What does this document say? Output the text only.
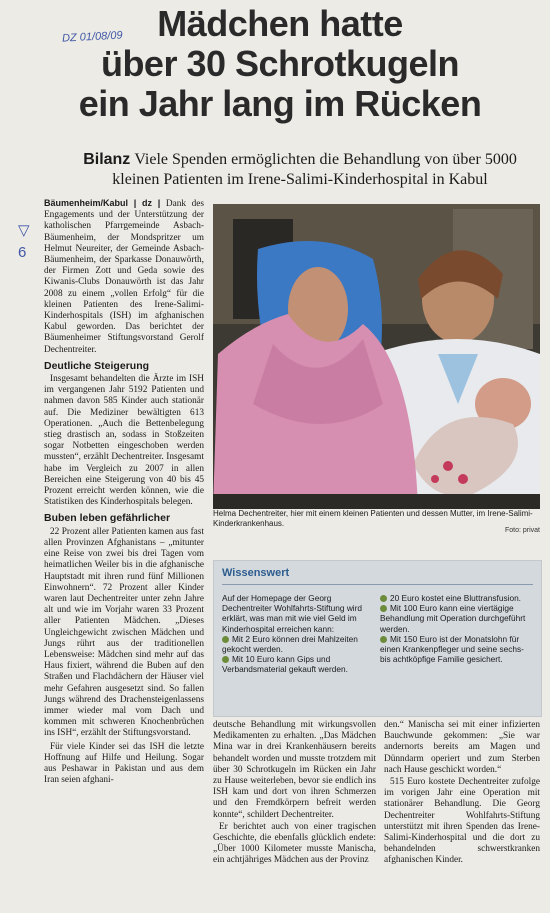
DZ 01/08/09 Mädchen hatte
über 30 Schrotkugeln
ein Jahr lang im Rücken
Bilanz Viele Spenden ermöglichten die Behandlung von über 5000 kleinen Patienten im Irene-Salimi-Kinderhospital in Kabul
▽
6

Bäumenheim/Kabul | dz | Dank des Engagements und der Unterstützung der katholischen Pfarrgemeinde Asbach-Bäumenheim, der Mondspritzer um Helmut Neureiter, der Gemeinde Asbach-Bäumenheim, der Sparkasse Donauwörth, der Firmen Zott und Geda sowie des Kiwanis-Clubs Donauwörth ist das Jahr 2008 zu einem „vollen Erfolg“ für die kleinen Patienten des Irene-Salimi-Kinderhospitals (ISH) im afghanischen Kabul geworden. Das berichtet der Bäumenheimer Stiftungsvorstand Gerolf Dechentreiter.

Deutliche Steigerung

Insgesamt behandelten die Ärzte im ISH im vergangenen Jahr 5192 Patienten und nahmen davon 585 Kinder auch stationär auf. Die Mediziner bewältigten 613 Operationen. „Auch die Bettenbelegung stieg drastisch an, sodass in Stoßzeiten sogar Notbetten eingeschoben werden mussten“, erzählt Dechentreiter. Insgesamt habe im Vergleich zu 2007 in allen Bereichen eine Steigerung von 40 bis 45 Prozent erreicht werden können, wie die Statistiken des Kinderhospitals belegen.

Buben leben gefährlicher

22 Prozent aller Patienten kamen aus fast allen Provinzen Afghanistans – „mitunter eine Reise von zwei bis drei Tagen vom heimatlichen Weiler bis in die afghanische Hauptstadt mit ihren rund fünf Millionen Einwohnern“. 72 Prozent aller Kinder waren laut Dechentreiter unter zehn Jahre alt und wie im Vorjahr waren 33 Prozent aller Patienten Mädchen. „Dieses Ungleichgewicht zwischen Mädchen und Jungs rührt aus der traditionellen Lebensweise: Mädchen sind mehr auf das Haus fixiert, während die Buben auf den Straßen und Flachdächern der Häuser viel mehr Gefahren ausgesetzt sind. So fallen Jungs während des Drachensteigenlassens immer wieder mal vom Dach und kommen mit schweren Knochenbrüchen ins ISH“, erzählt der Stiftungsvorstand.

Für viele Kinder sei das ISH die letzte Hoffnung auf Hilfe und Heilung. Sogar aus Peshawar in Pakistan und aus dem Iran seien afghani-

Helma Dechentreiter, hier mit einem kleinen Patienten und dessen Mutter, im Irene-Salimi-Kinderkrankenhaus.
Foto: privat
Wissenswert
Auf der Homepage der Georg Dechentreiter Wohlfahrts-Stiftung wird erklärt, was man mit wie viel Geld im Kinderhospital erreichen kann:
Mit 2 Euro können drei Mahlzeiten gekocht werden.
Mit 10 Euro kann Gips und Verbandsmaterial gekauft werden.
20 Euro kostet eine Bluttransfusion.
Mit 100 Euro kann eine viertägige Behandlung mit Operation durchgeführt werden.
Mit 150 Euro ist der Monatslohn für einen Krankenpfleger und seine sechs- bis achtköpfige Familie gesichert.

deutsche Behandlung mit wirkungsvollen Medikamenten zu erhalten. „Das Mädchen Mina war in drei Krankenhäusern bereits behandelt worden und musste trotzdem mit über 30 Schrotkugeln im Rücken ein Jahr zu Hause weiterleben, bevor sie endlich ins ISH kam und dort von ihren Schmerzen und den Fremdkörpern befreit werden konnte“, schildert Dechentreiter.

Er berichtet auch von einer tragischen Geschichte, die ebenfalls glücklich endete: „Über 1000 Kilometer musste Manischa, ein achtjähriges Mädchen aus der Provinz

den.“ Manischa sei mit einer infizierten Bauchwunde gekommen: „Sie war andernorts bereits am Magen und Dünndarm operiert und zum Sterben nach Hause geschickt worden.“

515 Euro kostete Dechentreiter zufolge im vorigen Jahr eine Operation mit stationärer Behandlung. Die Georg Dechentreiter Wohlfahrts-Stiftung unterstützt mit ihren Spenden das Irene-Salimi-Kinderhospital und die dort zu behandelnden schwerstkranken afghanischen Kinder.
